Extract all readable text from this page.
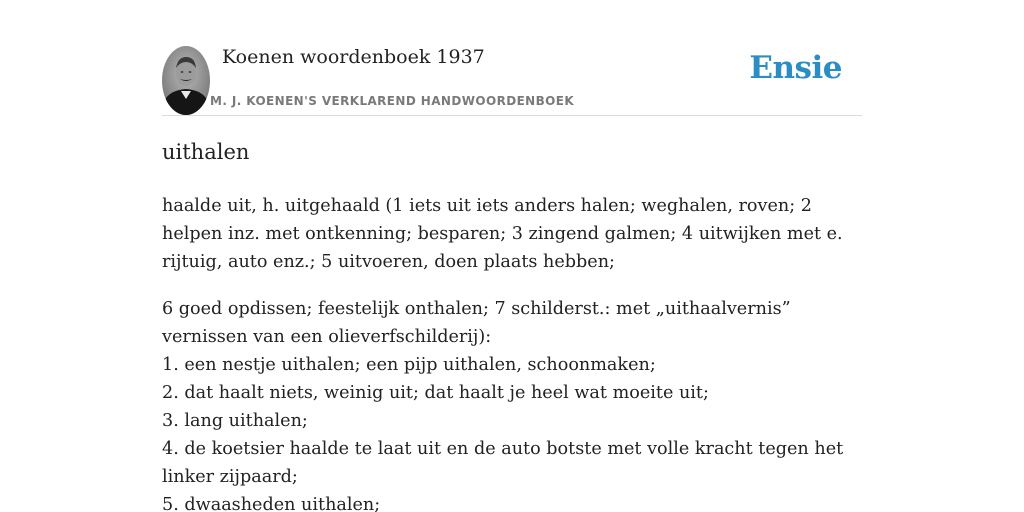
Koenen woordenboek 1937
M. J. KOENEN'S VERKLAREND HANDWOORDENBOEK
Ensie
uithalen

haalde uit, h. uitgehaald (1 iets uit iets anders halen; weghalen, roven; 2 helpen inz. met ontkenning; besparen; 3 zingend galmen; 4 uitwijken met e. rijtuig, auto enz.; 5 uitvoeren, doen plaats hebben;

6 goed opdissen; feestelijk onthalen; 7 schilderst.: met „uithaalvernis” vernissen van een olieverfschilderij):
1. een nestje uithalen; een pijp uithalen, schoonmaken;
2. dat haalt niets, weinig uit; dat haalt je heel wat moeite uit;
3. lang uithalen;
4. de koetsier haalde te laat uit en de auto botste met volle kracht tegen het linker zijpaard;
5. dwaasheden uithalen;
